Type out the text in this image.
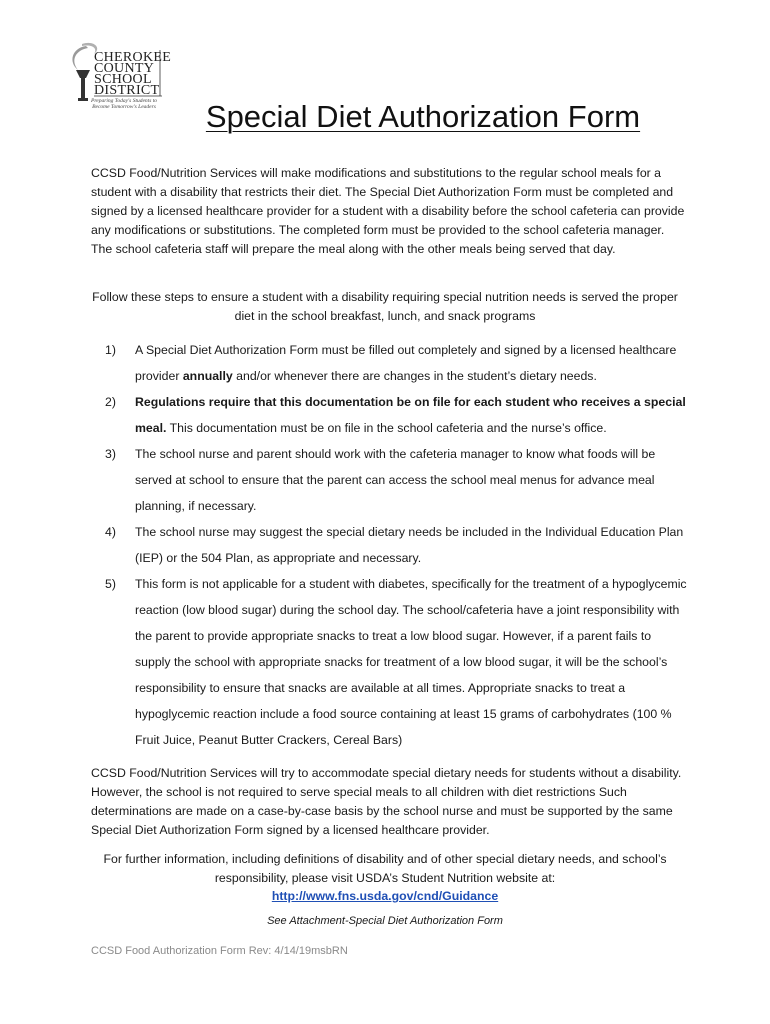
CHEROKEE
COUNTY
SCHOOL
DISTRICT
Preparing Today's Students to Become Tomorrow's Leaders	Special Diet Authorization Form

CCSD Food/Nutrition Services will make modifications and substitutions to the regular school meals for a student with a disability that restricts their diet. The Special Diet Authorization Form must be completed and signed by a licensed healthcare provider for a student with a disability before the school cafeteria can provide any modifications or substitutions. The completed form must be provided to the school cafeteria manager. The school cafeteria staff will prepare the meal along with the other meals being served that day.

Follow these steps to ensure a student with a disability requiring special nutrition needs is served the proper diet in the school breakfast, lunch, and snack programs

1) A Special Diet Authorization Form must be filled out completely and signed by a licensed healthcare provider annually and/or whenever there are changes in the student’s dietary needs.
2) Regulations require that this documentation be on file for each student who receives a special meal. This documentation must be on file in the school cafeteria and the nurse’s office.
3) The school nurse and parent should work with the cafeteria manager to know what foods will be served at school to ensure that the parent can access the school meal menus for advance meal planning, if necessary.
4) The school nurse may suggest the special dietary needs be included in the Individual Education Plan (IEP) or the 504 Plan, as appropriate and necessary.
5) This form is not applicable for a student with diabetes, specifically for the treatment of a hypoglycemic reaction (low blood sugar) during the school day. The school/cafeteria have a joint responsibility with the parent to provide appropriate snacks to treat a low blood sugar. However, if a parent fails to supply the school with appropriate snacks for treatment of a low blood sugar, it will be the school’s responsibility to ensure that snacks are available at all times. Appropriate snacks to treat a hypoglycemic reaction include a food source containing at least 15 grams of carbohydrates (100 % Fruit Juice, Peanut Butter Crackers, Cereal Bars)

CCSD Food/Nutrition Services will try to accommodate special dietary needs for students without a disability. However, the school is not required to serve special meals to all children with diet restrictions Such determinations are made on a case-by-case basis by the school nurse and must be supported by the same Special Diet Authorization Form signed by a licensed healthcare provider.

For further information, including definitions of disability and of other special dietary needs, and school’s responsibility, please visit USDA’s Student Nutrition website at:
http://www.fns.usda.gov/cnd/Guidance

See Attachment-Special Diet Authorization Form

CCSD Food Authorization Form Rev: 4/14/19msbRN
